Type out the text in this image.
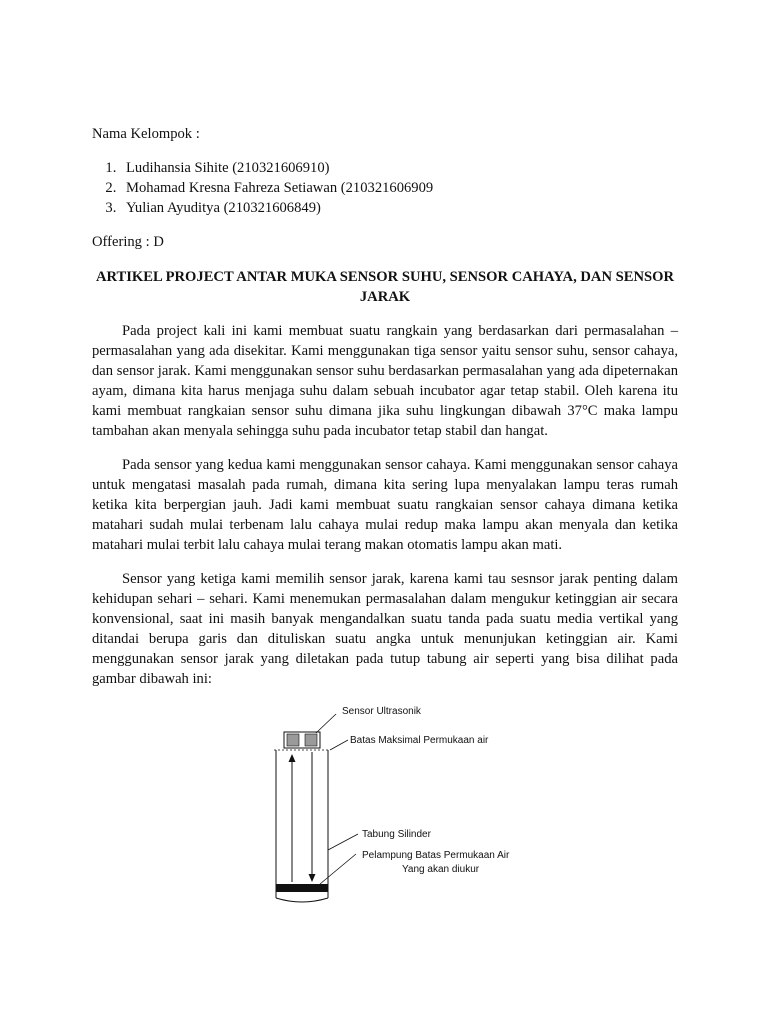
Nama Kelompok :

1. Ludihansia Sihite (210321606910)
2. Mohamad Kresna Fahreza Setiawan (210321606909
3. Yulian Ayuditya (210321606849)

Offering : D

ARTIKEL PROJECT ANTAR MUKA SENSOR SUHU, SENSOR CAHAYA, DAN SENSOR JARAK

Pada project kali ini kami membuat suatu rangkain yang berdasarkan dari permasalahan – permasalahan yang ada disekitar. Kami menggunakan tiga sensor yaitu sensor suhu, sensor cahaya, dan sensor jarak. Kami menggunakan sensor suhu berdasarkan permasalahan yang ada dipeternakan ayam, dimana kita harus menjaga suhu dalam sebuah incubator agar tetap stabil. Oleh karena itu kami membuat rangkaian sensor suhu dimana jika suhu lingkungan dibawah 37°C maka lampu tambahan akan menyala sehingga suhu pada incubator tetap stabil dan hangat.

Pada sensor yang kedua kami menggunakan sensor cahaya. Kami menggunakan sensor cahaya untuk mengatasi masalah pada rumah, dimana kita sering lupa menyalakan lampu teras rumah ketika kita berpergian jauh. Jadi kami membuat suatu rangkaian sensor cahaya dimana ketika matahari sudah mulai terbenam lalu cahaya mulai redup maka lampu akan menyala dan ketika matahari mulai terbit lalu cahaya mulai terang makan otomatis lampu akan mati.

Sensor yang ketiga kami memilih sensor jarak, karena kami tau sesnsor jarak penting dalam kehidupan sehari – sehari. Kami menemukan permasalahan dalam mengukur ketinggian air secara konvensional, saat ini masih banyak mengandalkan suatu tanda pada suatu media vertikal yang ditandai berupa garis dan dituliskan suatu angka untuk menunjukan ketinggian air. Kami menggunakan sensor jarak yang diletakan pada tutup tabung air seperti yang bisa dilihat pada gambar dibawah ini:

Sensor Ultrasonik
Batas Maksimal Permukaan air
Tabung Silinder
Pelampung Batas Permukaan Air
Yang akan diukur
